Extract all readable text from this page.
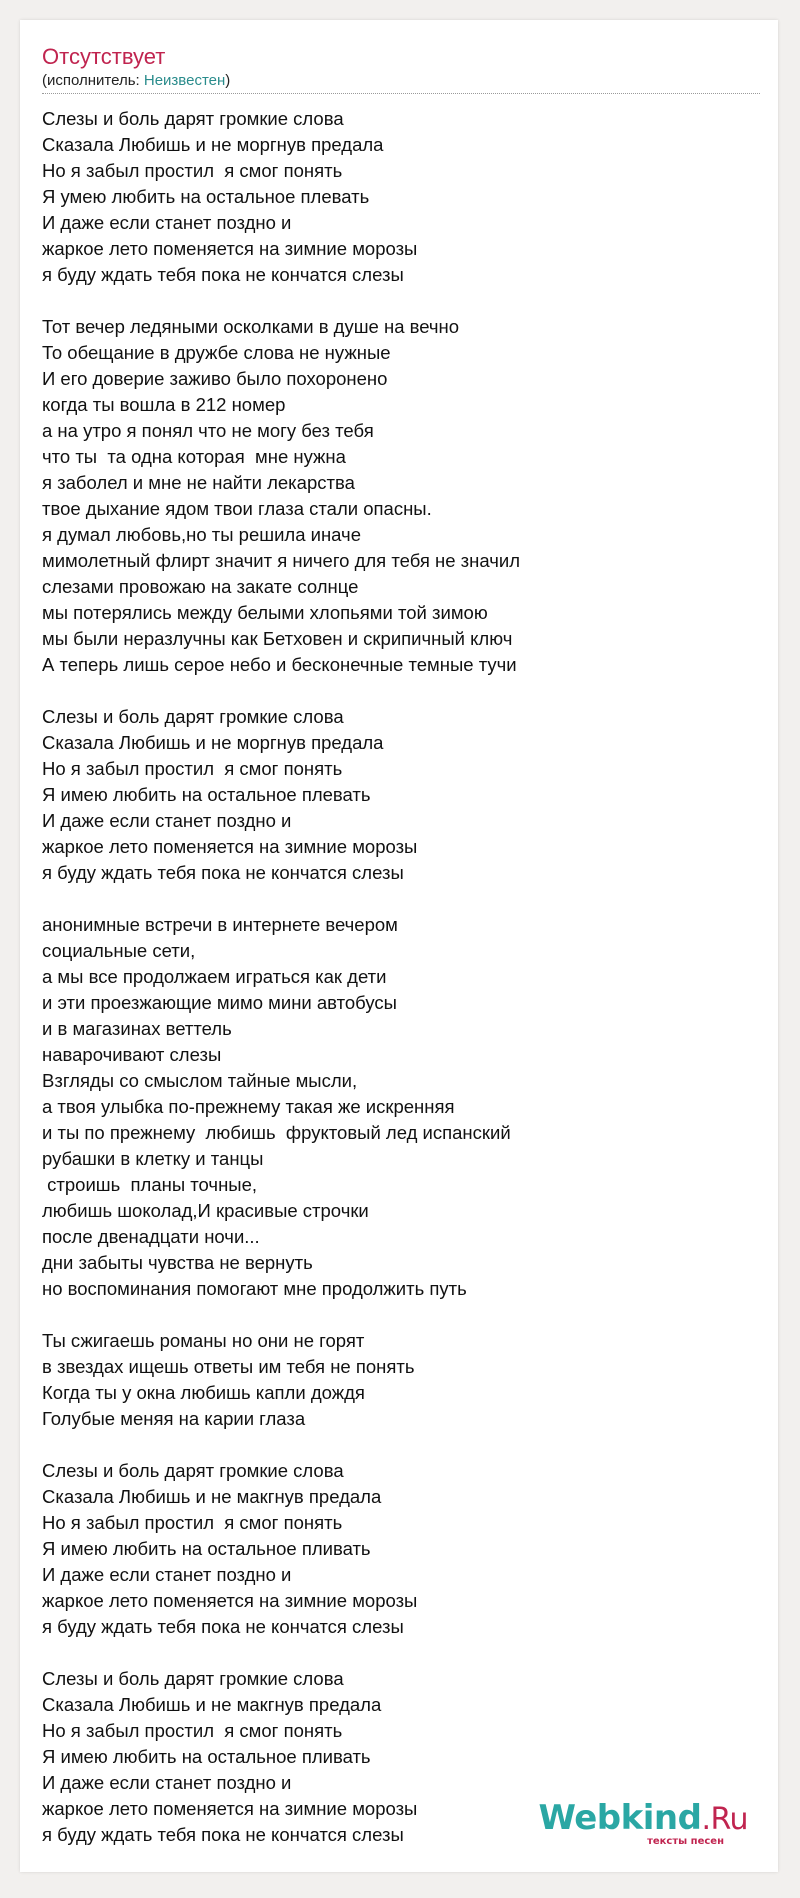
Отсутствует
(исполнитель: Неизвестен)
Слезы и боль дарят громкие слова
Сказала Любишь и не моргнув предала
Но я забыл простил  я смог понять
Я умею любить на остальное плевать
И даже если станет поздно и
жаркое лето поменяется на зимние морозы
я буду ждать тебя пока не кончатся слезы
Тот вечер ледяными осколками в душе на вечно
То обещание в дружбе слова не нужные
И его доверие заживо было похоронено
когда ты вошла в 212 номер
а на утро я понял что не могу без тебя
что ты  та одна которая  мне нужна
я заболел и мне не найти лекарства
твое дыхание ядом твои глаза стали опасны.
я думал любовь,но ты решила иначе
мимолетный флирт значит я ничего для тебя не значил
слезами провожаю на закате солнце
мы потерялись между белыми хлопьями той зимою
мы были неразлучны как Бетховен и скрипичный ключ
А теперь лишь серое небо и бесконечные темные тучи
Слезы и боль дарят громкие слова
Сказала Любишь и не моргнув предала
Но я забыл простил  я смог понять
Я имею любить на остальное плевать
И даже если станет поздно и
жаркое лето поменяется на зимние морозы
я буду ждать тебя пока не кончатся слезы
анонимные встречи в интернете вечером
социальные сети,
а мы все продолжаем играться как дети
и эти проезжающие мимо мини автобусы
и в магазинах веттель
наварочивают слезы
Взгляды со смыслом тайные мысли,
а твоя улыбка по-прежнему такая же искренняя
и ты по прежнему  любишь  фруктовый лед испанский
рубашки в клетку и танцы
строишь  планы точные,
любишь шоколад,И красивые строчки
после двенадцати ночи...
дни забыты чувства не вернуть
но воспоминания помогают мне продолжить путь
Ты сжигаешь романы но они не горят
в звездах ищешь ответы им тебя не понять
Когда ты у окна любишь капли дождя
Голубые меняя на карии глаза
Слезы и боль дарят громкие слова
Сказала Любишь и не макгнув предала
Но я забыл простил  я смог понять
Я имею любить на остальное пливать
И даже если станет поздно и
жаркое лето поменяется на зимние морозы
я буду ждать тебя пока не кончатся слезы
Слезы и боль дарят громкие слова
Сказала Любишь и не макгнув предала
Но я забыл простил  я смог понять
Я имею любить на остальное пливать
И даже если станет поздно и
жаркое лето поменяется на зимние морозы
я буду ждать тебя пока не кончатся слезы	Webkind.Ru
тексты песен
